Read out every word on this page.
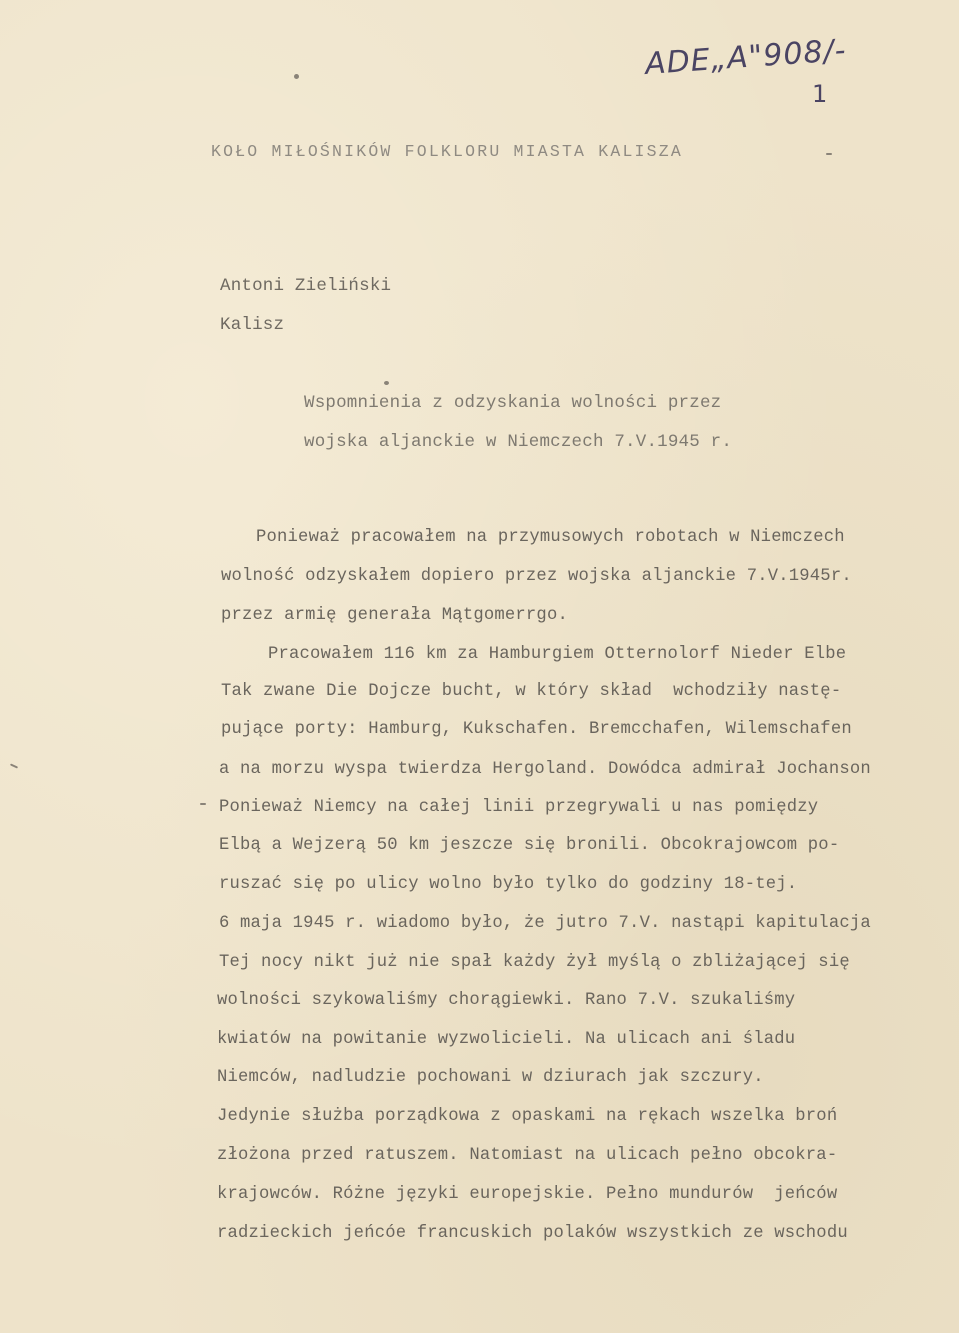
ADE„A"908/-
1
KOŁO MIŁOŚNIKÓW FOLKLORU MIASTA KALISZA
Antoni Zieliński
Kalisz
Wspomnienia z odzyskania wolności przez
wojska aljanckie w Niemczech 7.V.1945 r.
Ponieważ pracowałem na przymusowych robotach w Niemczech
wolność odzyskałem dopiero przez wojska aljanckie 7.V.1945r.
przez armię generała Mątgomerrgo.
Pracowałem 116 km za Hamburgiem Otternolorf Nieder Elbe
Tak zwane Die Dojcze bucht, w który skład  wchodziły nastę-
pujące porty: Hamburg, Kukschafen. Bremcchafen, Wilemschafen
a na morzu wyspa twierdza Hergoland. Dowódca admirał Jochanson
Ponieważ Niemcy na całej linii przegrywali u nas pomiędzy
Elbą a Wejzerą 50 km jeszcze się bronili. Obcokrajowcom po-
ruszać się po ulicy wolno było tylko do godziny 18-tej.
6 maja 1945 r. wiadomo było, że jutro 7.V. nastąpi kapitulacja
Tej nocy nikt już nie spał każdy żył myślą o zbliżającej się
wolności szykowaliśmy chorągiewki. Rano 7.V. szukaliśmy
kwiatów na powitanie wyzwolicieli. Na ulicach ani śladu
Niemców, nadludzie pochowani w dziurach jak szczury.
Jedynie służba porządkowa z opaskami na rękach wszelka broń
złożona przed ratuszem. Natomiast na ulicach pełno obcokra-
krajowców. Różne języki europejskie. Pełno mundurów  jeńców
radzieckich jeńcóe francuskich polaków wszystkich ze wschodu
